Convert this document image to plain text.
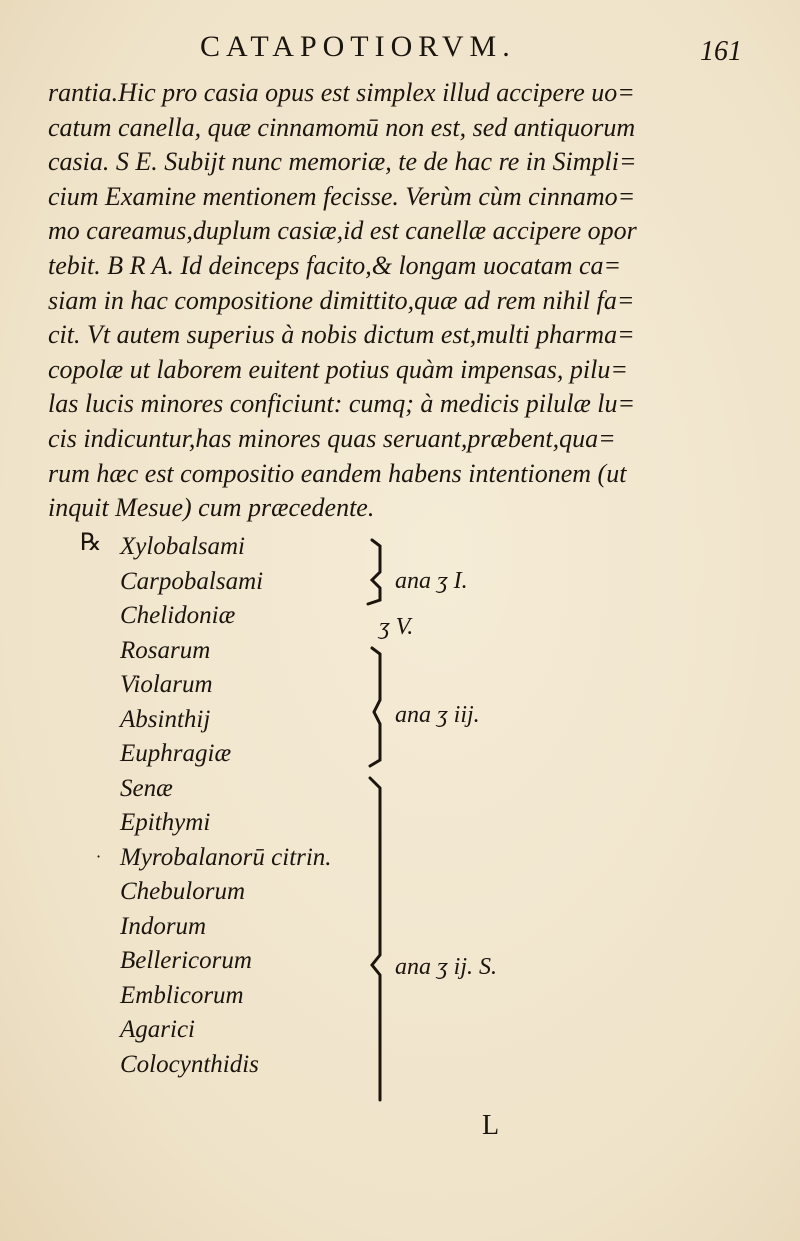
CATAPOTIORVM.	161
rantia.Hic pro casia opus est simplex illud accipere uo=
catum canella, quæ cinnamomū non est, sed antiquorum
casia. S E. Subijt nunc memoriæ, te de hac re in Simpli=
cium Examine mentionem fecisse. Verùm cùm cinnamo=
mo careamus,duplum casiæ,id est canellæ accipere opor
tebit. B R A. Id deinceps facito,& longam uocatam ca=
siam in hac compositione dimittito,quæ ad rem nihil fa=
cit. Vt autem superius à nobis dictum est,multi pharma=
copolæ ut laborem euitent potius quàm impensas, pilu=
las lucis minores conficiunt: cumq; à medicis pilulæ lu=
cis indicuntur,has minores quas seruant,præbent,qua=
rum hæc est compositio eandem habens intentionem (ut
inquit Mesue) cum præcedente.
℞
·
Xylobalsami
Carpobalsami
Chelidoniæ
Rosarum
Violarum
Absinthij
Euphragiæ
Senæ
Epithymi
Myrobalanorū citrin.
Chebulorum
Indorum
Bellericorum
Emblicorum
Agarici
Colocynthidis
ana ʒ I.
ʒ V.
ana ʒ iij.
ana ʒ ij. S.
L
